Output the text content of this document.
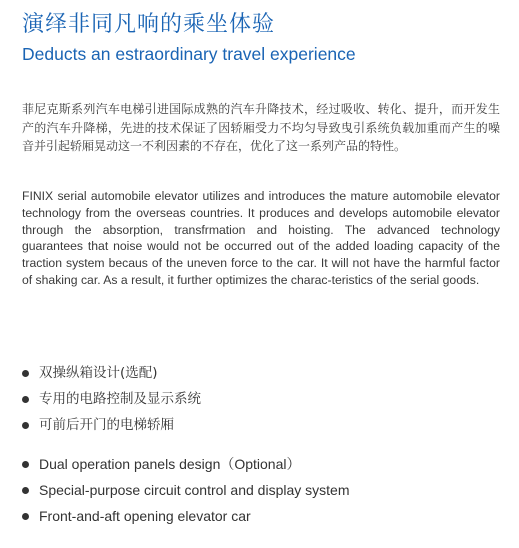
演绎非同凡响的乘坐体验
Deducts an estraordinary travel experience

菲尼克斯系列汽车电梯引进国际成熟的汽车升降技术，经过吸收、转化、提升，而开发生产的汽车升降梯，先进的技术保证了因轿厢受力不均匀导致曳引系统负载加重而产生的噪音并引起轿厢晃动这一不利因素的不存在，优化了这一系列产品的特性。

FINIX serial automobile elevator utilizes and introduces the mature automobile elevator technology from the overseas countries. It produces and develops automobile elevator through the absorption, transfrmation and hoisting. The advanced technology guarantees that noise would not be occurred out of the added loading capacity of the traction system becaus of the uneven force to the car. It will not have the harmful factor of shaking car. As a result, it further optimizes the charac-teristics of the serial goods.

双操纵箱设计(选配)
专用的电路控制及显示系统
可前后开门的电梯轿厢
Dual operation panels design（Optional）
Special-purpose circuit control and display system
Front-and-aft opening elevator car
